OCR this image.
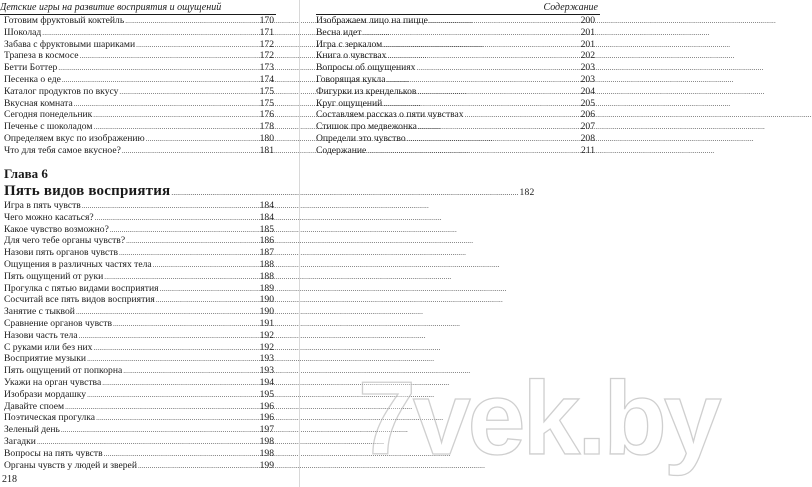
Детские игры на развитие восприятия и ощущений
Готовим фруктовый коктейль .....	170
Шоколад .....	171
Забава с фруктовыми шариками .....	172
Трапеза в космосе .....	172
Бетти Боттер .....	173
Песенка о еде .....	174
Каталог продуктов по вкусу .....	175
Вкусная комната .....	175
Сегодня понедельник .....	176
Печенье с шоколадом .....	178
Определяем вкус по изображению .....	180
Что для тебя самое вкусное? .....	181
Глава 6
Пять видов восприятия .....	182
Игра в пять чувств .....	184
Чего можно касаться? .....	184
Какое чувство возможно? .....	185
Для чего тебе органы чувств? .....	186
Назови пять органов чувств .....	187
Ощущения в различных частях тела .....	188
Пять ощущений от руки .....	188
Прогулка с пятью видами восприятия .....	189
Сосчитай все пять видов восприятия .....	190
Занятие с тыквой .....	190
Сравнение органов чувств .....	191
Назови часть тела .....	192
С руками или без них .....	192
Восприятие музыки .....	193
Пять ощущений от попкорна .....	193
Укажи на орган чувства .....	194
Изобрази мордашку .....	195
Давайте споем .....	196
Поэтическая прогулка .....	196
Зеленый день .....	197
Загадки .....	198
Вопросы на пять чувств .....	198
Органы чувств у людей и зверей .....	199
218
Содержание
Изображаем лицо на пицце .....	200
Весна идет .....	201
Игра с зеркалом .....	201
Книга о чувствах .....	202
Вопросы об ощущениях .....	203
Говорящая кукла .....	203
Фигурки из крендельков .....	204
Круг ощущений .....	205
Составляем рассказ о пяти чувствах .....	206
Стишок про медвежонка .....	207
Определи это чувство .....	208
Содержание .....	211
7vek.by
